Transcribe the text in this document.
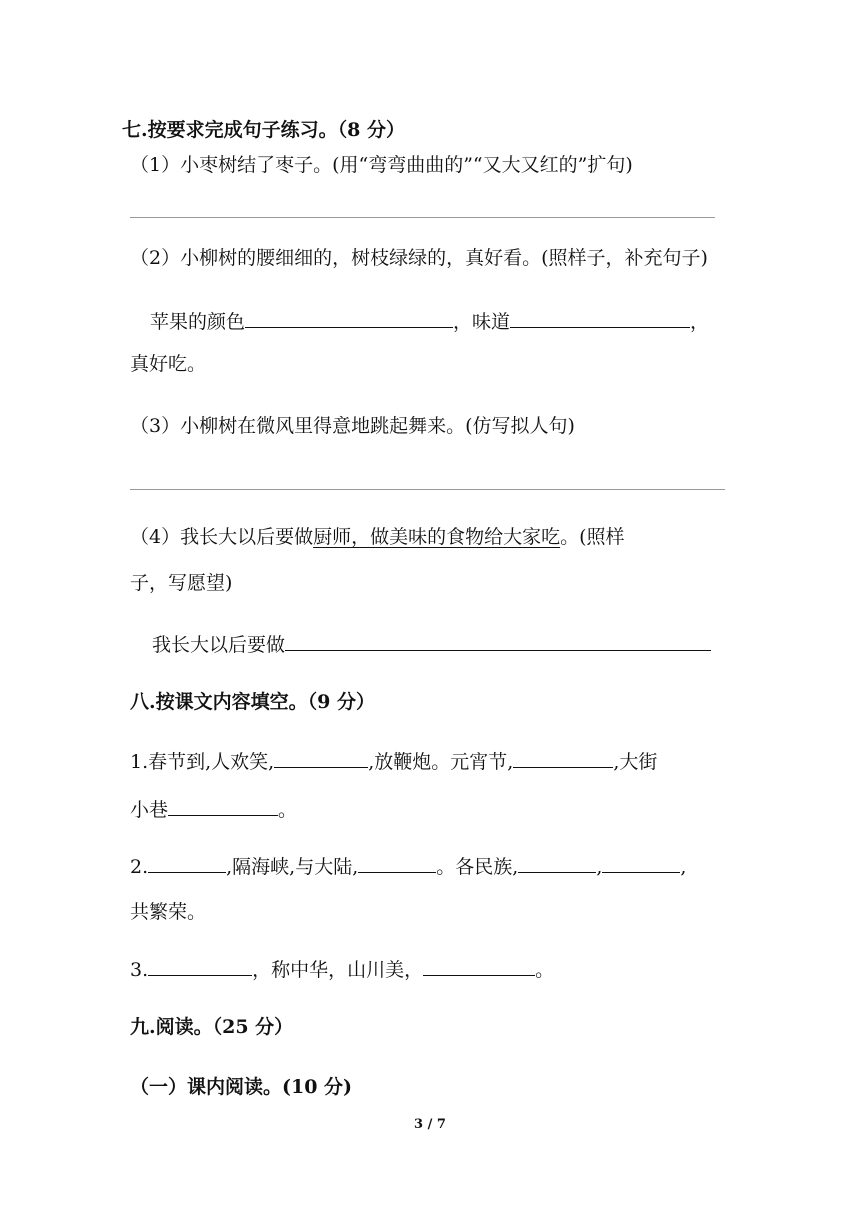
七.按要求完成句子练习。（8 分）
（1）小枣树结了枣子。(用“弯弯曲曲的”“又大又红的”扩句)
（2）小柳树的腰细细的，树枝绿绿的，真好看。(照样子，补充句子)
苹果的颜色	，味道	，
真好吃。
（3）小柳树在微风里得意地跳起舞来。(仿写拟人句)
（4）我长大以后要做厨师，做美味的食物给大家吃。(照样
子，写愿望)
我长大以后要做
八.按课文内容填空。（9 分）
1.春节到,人欢笑,	,放鞭炮。元宵节,	,大街
小巷	。
2.	,隔海峡,与大陆,	。各民族,	,	,
共繁荣。
3.	，称中华，山川美，	。
九.阅读。（25 分）
（一）课内阅读。(10 分)
3 / 7
